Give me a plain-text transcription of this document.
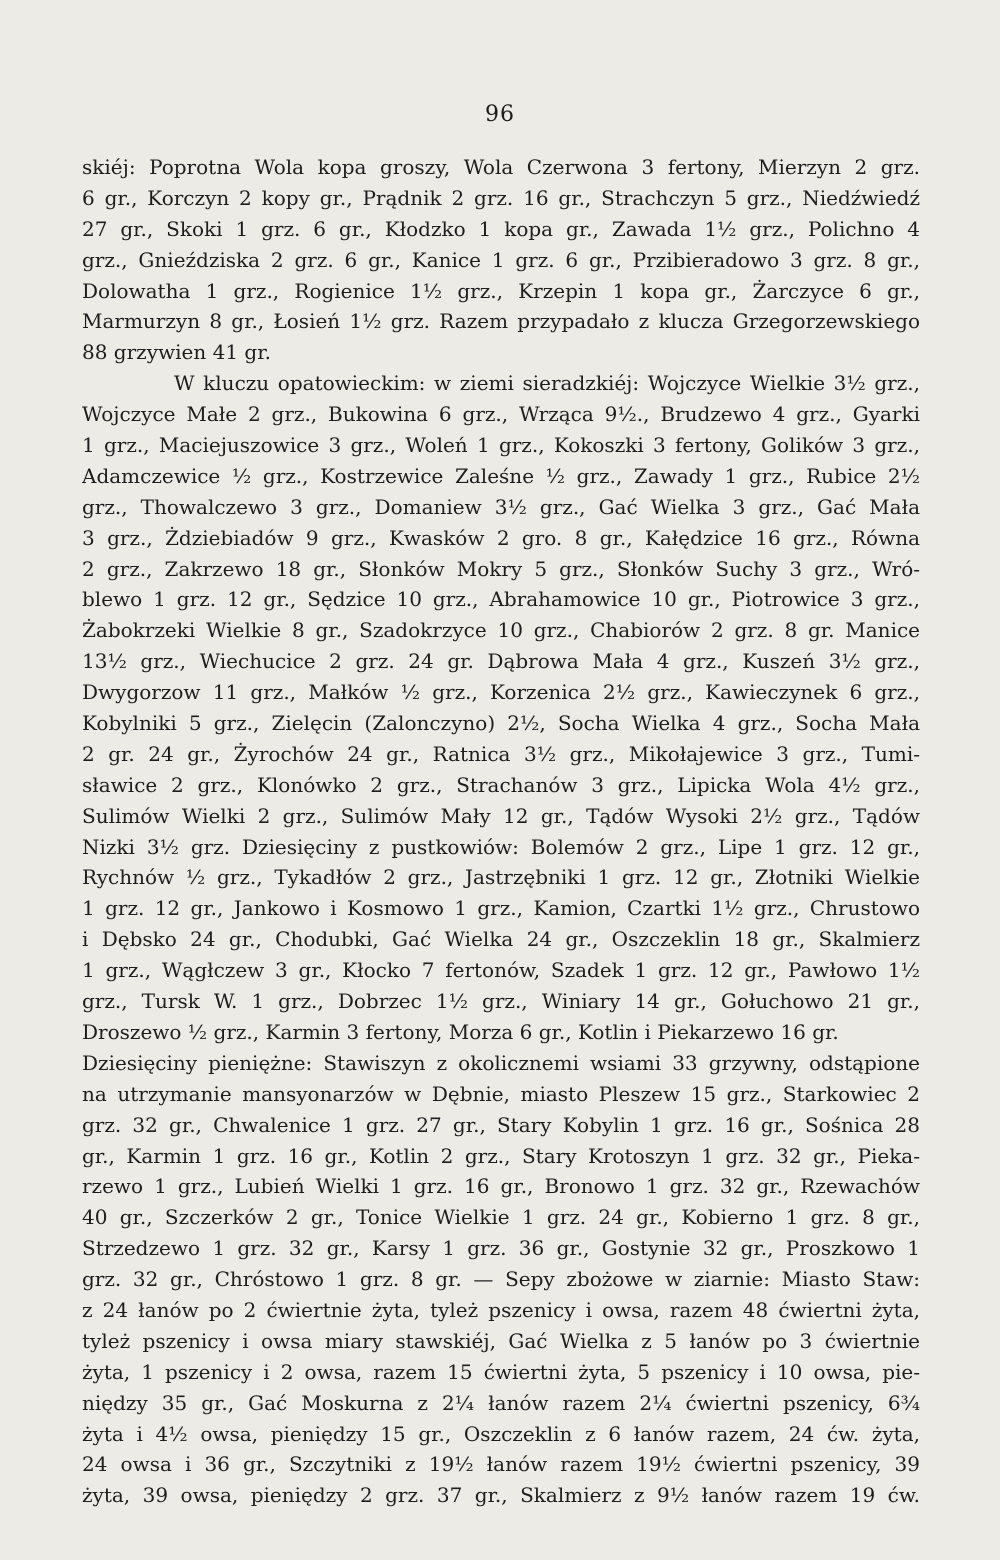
96
skiéj: Poprotna Wola kopa groszy, Wola Czerwona 3 fertony, Mierzyn 2 grz.
6 gr., Korczyn 2 kopy gr., Prądnik 2 grz. 16 gr., Strachczyn 5 grz., Niedźwiedź
27 gr., Skoki 1 grz. 6 gr., Kłodzko 1 kopa gr., Zawada 1½ grz., Polichno 4
grz., Gnieździska 2 grz. 6 gr., Kanice 1 grz. 6 gr., Przibieradowo 3 grz. 8 gr.,
Dolowatha 1 grz., Rogienice 1½ grz., Krzepin 1 kopa gr., Żarczyce 6 gr.,
Marmurzyn 8 gr., Łosień 1½ grz. Razem przypadało z klucza Grzegorzewskiego
88 grzywien 41 gr.
W kluczu opatowieckim: w ziemi sieradzkiéj: Wojczyce Wielkie 3½ grz.,
Wojczyce Małe 2 grz., Bukowina 6 grz., Wrząca 9½., Brudzewo 4 grz., Gyarki
1 grz., Maciejuszowice 3 grz., Woleń 1 grz., Kokoszki 3 fertony, Golików 3 grz.,
Adamczewice ½ grz., Kostrzewice Zaleśne ½ grz., Zawady 1 grz., Rubice 2½
grz., Thowalczewo 3 grz., Domaniew 3½ grz., Gać Wielka 3 grz., Gać Mała
3 grz., Żdziebiadów 9 grz., Kwasków 2 gro. 8 gr., Kałędzice 16 grz., Równa
2 grz., Zakrzewo 18 gr., Słonków Mokry 5 grz., Słonków Suchy 3 grz., Wró-
blewo 1 grz. 12 gr., Sędzice 10 grz., Abrahamowice 10 gr., Piotrowice 3 grz.,
Żabokrzeki Wielkie 8 gr., Szadokrzyce 10 grz., Chabiorów 2 grz. 8 gr. Manice
13½ grz., Wiechucice 2 grz. 24 gr. Dąbrowa Mała 4 grz., Kuszeń 3½ grz.,
Dwygorzow 11 grz., Małków ½ grz., Korzenica 2½ grz., Kawieczynek 6 grz.,
Kobylniki 5 grz., Zielęcin (Zalonczyno) 2½, Socha Wielka 4 grz., Socha Mała
2 gr. 24 gr., Żyrochów 24 gr., Ratnica 3½ grz., Mikołajewice 3 grz., Tumi-
sławice 2 grz., Klonówko 2 grz., Strachanów 3 grz., Lipicka Wola 4½ grz.,
Sulimów Wielki 2 grz., Sulimów Mały 12 gr., Tądów Wysoki 2½ grz., Tądów
Nizki 3½ grz. Dziesięciny z pustkowiów: Bolemów 2 grz., Lipe 1 grz. 12 gr.,
Rychnów ½ grz., Tykadłów 2 grz., Jastrzębniki 1 grz. 12 gr., Złotniki Wielkie
1 grz. 12 gr., Jankowo i Kosmowo 1 grz., Kamion, Czartki 1½ grz., Chrustowo
i Dębsko 24 gr., Chodubki, Gać Wielka 24 gr., Oszczeklin 18 gr., Skalmierz
1 grz., Wągłczew 3 gr., Kłocko 7 fertonów, Szadek 1 grz. 12 gr., Pawłowo 1½
grz., Tursk W. 1 grz., Dobrzec 1½ grz., Winiary 14 gr., Gołuchowo 21 gr.,
Droszewo ½ grz., Karmin 3 fertony, Morza 6 gr., Kotlin i Piekarzewo 16 gr.
Dziesięciny pieniężne: Stawiszyn z okolicznemi wsiami 33 grzywny, odstąpione
na utrzymanie mansyonarzów w Dębnie, miasto Pleszew 15 grz., Starkowiec 2
grz. 32 gr., Chwalenice 1 grz. 27 gr., Stary Kobylin 1 grz. 16 gr., Sośnica 28
gr., Karmin 1 grz. 16 gr., Kotlin 2 grz., Stary Krotoszyn 1 grz. 32 gr., Pieka-
rzewo 1 grz., Lubień Wielki 1 grz. 16 gr., Bronowo 1 grz. 32 gr., Rzewachów
40 gr., Szczerków 2 gr., Tonice Wielkie 1 grz. 24 gr., Kobierno 1 grz. 8 gr.,
Strzedzewo 1 grz. 32 gr., Karsy 1 grz. 36 gr., Gostynie 32 gr., Proszkowo 1
grz. 32 gr., Chróstowo 1 grz. 8 gr. — Sepy zbożowe w ziarnie: Miasto Staw:
z 24 łanów po 2 ćwiertnie żyta, tyleż pszenicy i owsa, razem 48 ćwiertni żyta,
tyleż pszenicy i owsa miary stawskiéj, Gać Wielka z 5 łanów po 3 ćwiertnie
żyta, 1 pszenicy i 2 owsa, razem 15 ćwiertni żyta, 5 pszenicy i 10 owsa, pie-
niędzy 35 gr., Gać Moskurna z 2¼ łanów razem 2¼ ćwiertni pszenicy, 6¾
żyta i 4½ owsa, pieniędzy 15 gr., Oszczeklin z 6 łanów razem, 24 ćw. żyta,
24 owsa i 36 gr., Szczytniki z 19½ łanów razem 19½ ćwiertni pszenicy, 39
żyta, 39 owsa, pieniędzy 2 grz. 37 gr., Skalmierz z 9½ łanów razem 19 ćw.
